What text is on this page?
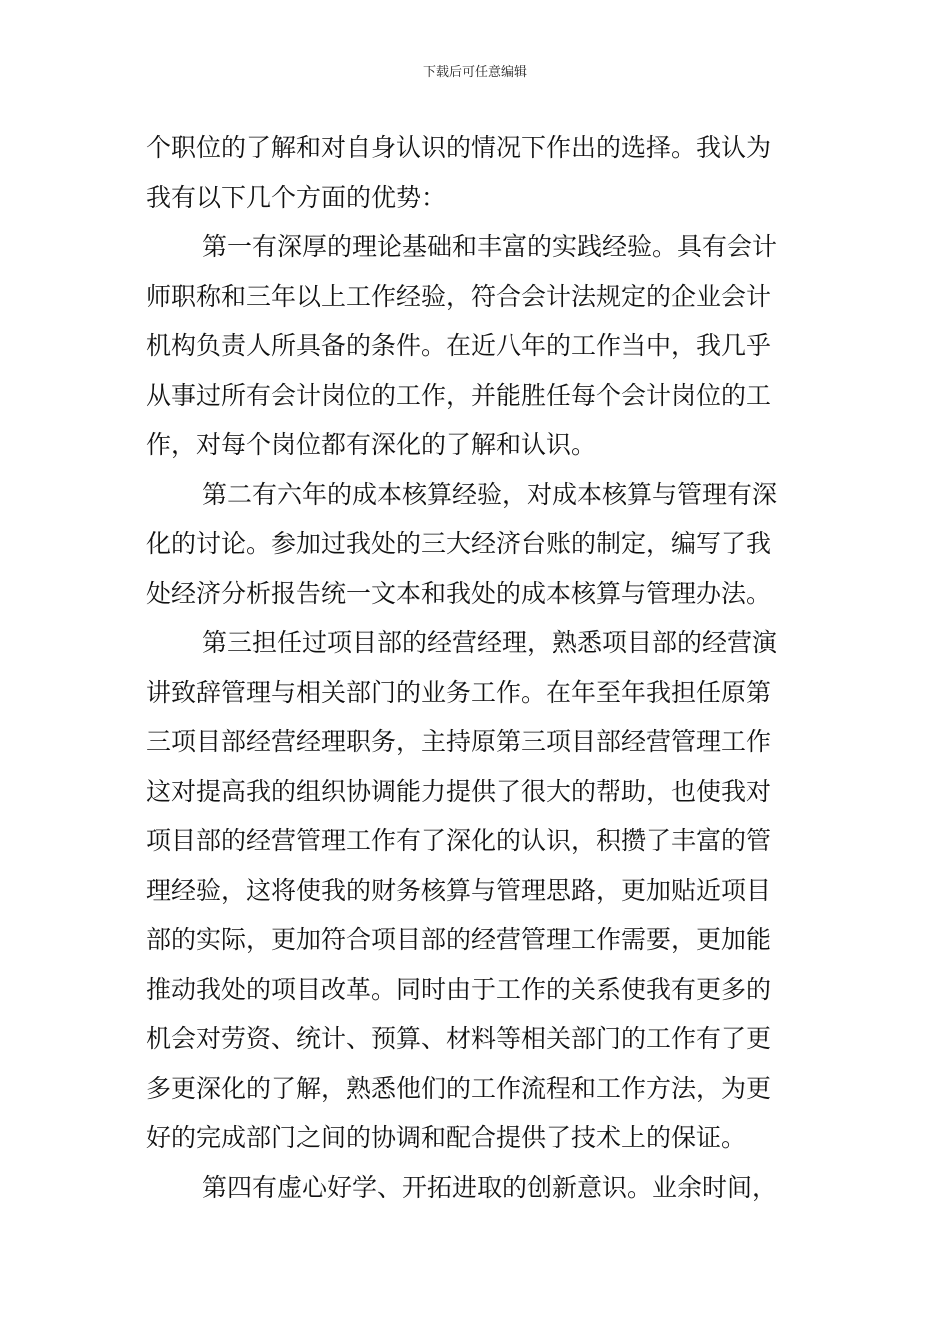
下载后可任意编辑
个职位的了解和对自身认识的情况下作出的选择。我认为
我有以下几个方面的优势：
第一有深厚的理论基础和丰富的实践经验。具有会计
师职称和三年以上工作经验，符合会计法规定的企业会计
机构负责人所具备的条件。在近八年的工作当中，我几乎
从事过所有会计岗位的工作，并能胜任每个会计岗位的工
作，对每个岗位都有深化的了解和认识。
第二有六年的成本核算经验，对成本核算与管理有深
化的讨论。参加过我处的三大经济台账的制定，编写了我
处经济分析报告统一文本和我处的成本核算与管理办法。
第三担任过项目部的经营经理，熟悉项目部的经营演
讲致辞管理与相关部门的业务工作。在年至年我担任原第
三项目部经营经理职务，主持原第三项目部经营管理工作
这对提高我的组织协调能力提供了很大的帮助，也使我对
项目部的经营管理工作有了深化的认识，积攒了丰富的管
理经验，这将使我的财务核算与管理思路，更加贴近项目
部的实际，更加符合项目部的经营管理工作需要，更加能
推动我处的项目改革。同时由于工作的关系使我有更多的
机会对劳资、统计、预算、材料等相关部门的工作有了更
多更深化的了解，熟悉他们的工作流程和工作方法，为更
好的完成部门之间的协调和配合提供了技术上的保证。
第四有虚心好学、开拓进取的创新意识。业余时间，
